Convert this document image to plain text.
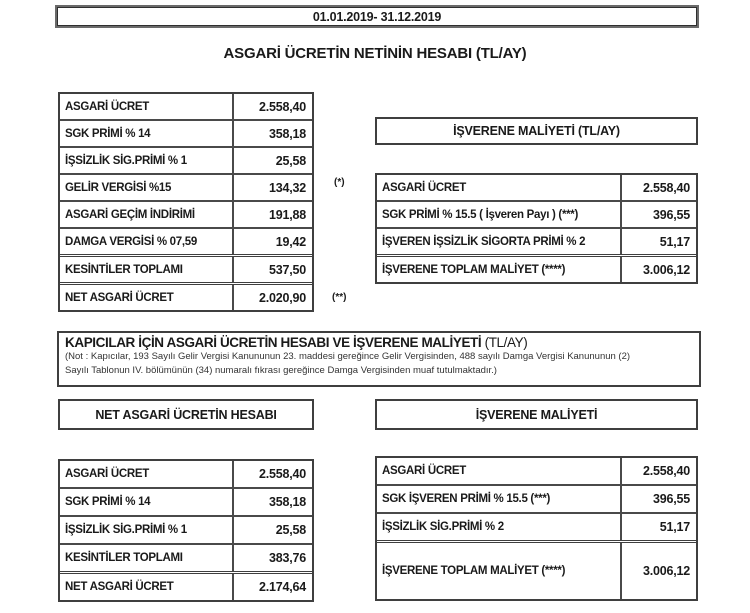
01.01.2019- 31.12.2019
ASGARİ ÜCRETİN NETİNİN HESABI (TL/AY)
ASGARİ ÜCRET	2.558,40
SGK PRİMİ % 14	358,18
İŞSİZLİK SİG.PRİMİ % 1	25,58
GELİR VERGİSİ %15	134,32
ASGARİ GEÇİM İNDİRİMİ	191,88
DAMGA VERGİSİ % 07,59	19,42
KESİNTİLER TOPLAMI	537,50
NET ASGARİ ÜCRET	2.020,90
(*)
(**)
İŞVERENE MALİYETİ (TL/AY)
ASGARİ ÜCRET	2.558,40
SGK PRİMİ % 15.5 ( İşveren Payı ) (***)	396,55
İŞVEREN İŞSİZLİK SİGORTA PRİMİ % 2	51,17
İŞVERENE TOPLAM MALİYET (****)	3.006,12
KAPICILAR İÇİN ASGARİ ÜCRETİN HESABI VE İŞVERENE MALİYETİ (TL/AY)
(Not : Kapıcılar, 193 Sayılı Gelir Vergisi Kanununun 23. maddesi gereğince Gelir Vergisinden, 488 sayılı Damga Vergisi Kanununun (2)
Sayılı Tablonun IV. bölümünün (34) numaralı fıkrası gereğince Damga Vergisinden muaf tutulmaktadır.)
NET ASGARİ ÜCRETİN HESABI	İŞVERENE MALİYETİ
ASGARİ ÜCRET	2.558,40
SGK PRİMİ % 14	358,18
İŞSİZLİK SİG.PRİMİ % 1	25,58
KESİNTİLER TOPLAMI	383,76
NET ASGARİ ÜCRET	2.174,64
ASGARİ ÜCRET	2.558,40
SGK İŞVEREN PRİMİ % 15.5 (***)	396,55
İŞSİZLİK SİG.PRİMİ % 2	51,17
İŞVERENE TOPLAM MALİYET (****)	3.006,12
